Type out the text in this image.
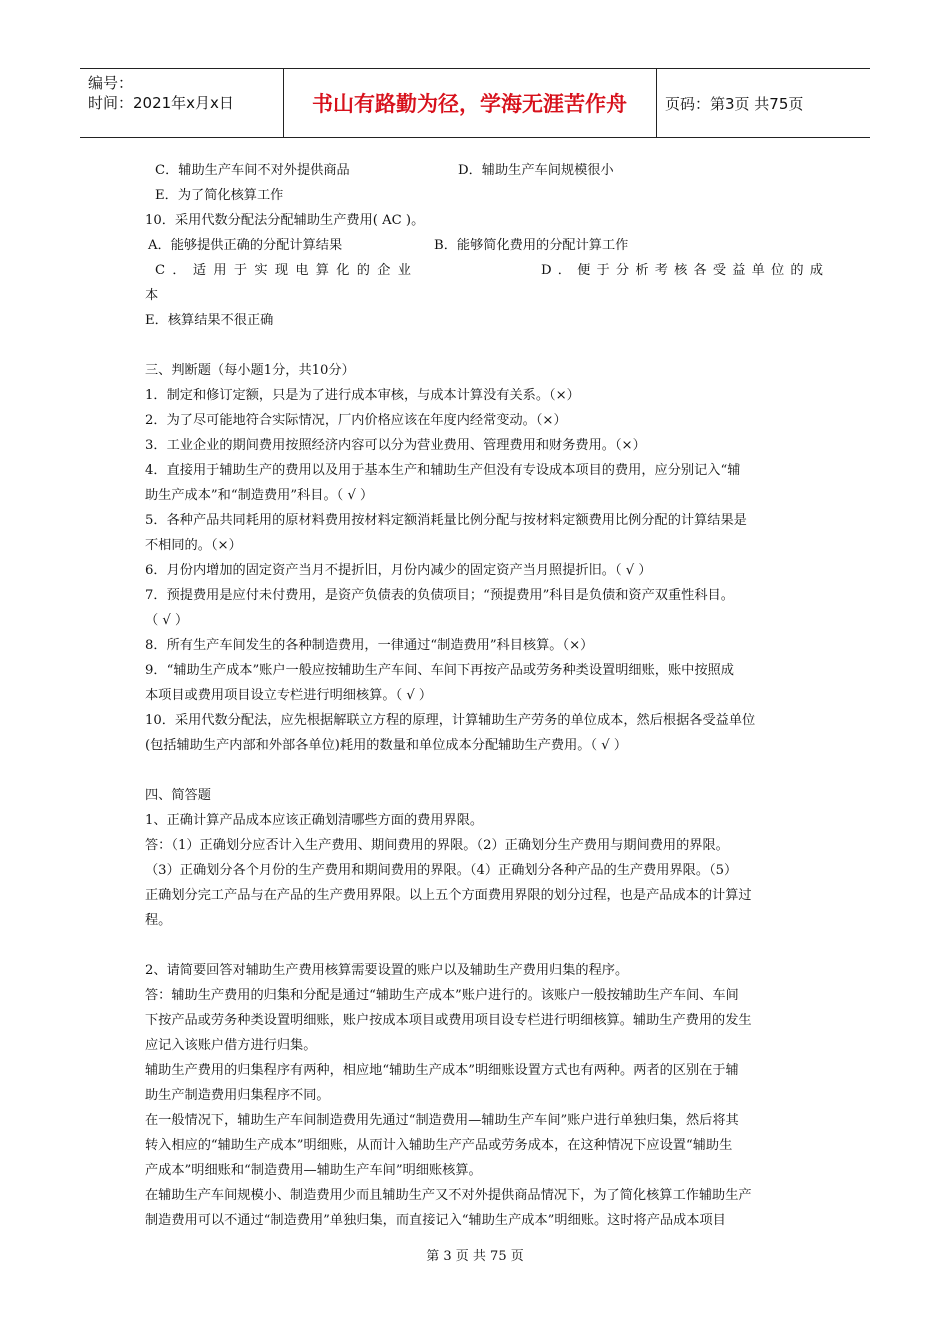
编号：
时间：2021年x月x日	书山有路勤为径，学海无涯苦作舟	页码：第3页 共75页
C．辅助生产车间不对外提供商品	D．辅助生产车间规模很小
E．为了简化核算工作
10．采用代数分配法分配辅助生产费用( AC )。
A．能够提供正确的分配计算结果	B．能够简化费用的分配计算工作
C．适用于实现电算化的企业	D．便于分析考核各受益单位的成
本
E．核算结果不很正确
三、判断题（每小题1分，共10分）
1．制定和修订定额，只是为了进行成本审核，与成本计算没有关系。（×）
2．为了尽可能地符合实际情况，厂内价格应该在年度内经常变动。（×）
3．工业企业的期间费用按照经济内容可以分为营业费用、管理费用和财务费用。（×）
4．直接用于辅助生产的费用以及用于基本生产和辅助生产但没有专设成本项目的费用，应分别记入“辅
助生产成本”和“制造费用”科目。（ √ ）
5．各种产品共同耗用的原材料费用按材料定额消耗量比例分配与按材料定额费用比例分配的计算结果是
不相同的。（×）
6．月份内增加的固定资产当月不提折旧，月份内减少的固定资产当月照提折旧。（ √ ）
7．预提费用是应付未付费用，是资产负债表的负债项目；“预提费用”科目是负债和资产双重性科目。
（ √ ）
8．所有生产车间发生的各种制造费用，一律通过“制造费用”科目核算。（×）
9．“辅助生产成本”账户一般应按辅助生产车间、车间下再按产品或劳务种类设置明细账，账中按照成
本项目或费用项目设立专栏进行明细核算。（ √ ）
10．采用代数分配法，应先根据解联立方程的原理，计算辅助生产劳务的单位成本，然后根据各受益单位
(包括辅助生产内部和外部各单位)耗用的数量和单位成本分配辅助生产费用。（ √ ）
四、简答题
1、正确计算产品成本应该正确划清哪些方面的费用界限。
答：（1）正确划分应否计入生产费用、期间费用的界限。（2）正确划分生产费用与期间费用的界限。
（3）正确划分各个月份的生产费用和期间费用的界限。（4）正确划分各种产品的生产费用界限。（5）
正确划分完工产品与在产品的生产费用界限。以上五个方面费用界限的划分过程，也是产品成本的计算过
程。
2、请简要回答对辅助生产费用核算需要设置的账户以及辅助生产费用归集的程序。
答：辅助生产费用的归集和分配是通过“辅助生产成本”账户进行的。该账户一般按辅助生产车间、车间
下按产品或劳务种类设置明细账，账户按成本项目或费用项目设专栏进行明细核算。辅助生产费用的发生
应记入该账户借方进行归集。
辅助生产费用的归集程序有两种，相应地“辅助生产成本”明细账设置方式也有两种。两者的区别在于辅
助生产制造费用归集程序不同。
在一般情况下，辅助生产车间制造费用先通过“制造费用—辅助生产车间”账户进行单独归集，然后将其
转入相应的“辅助生产成本”明细账，从而计入辅助生产产品或劳务成本，在这种情况下应设置“辅助生
产成本”明细账和“制造费用—辅助生产车间”明细账核算。
在辅助生产车间规模小、制造费用少而且辅助生产又不对外提供商品情况下，为了简化核算工作辅助生产
制造费用可以不通过“制造费用”单独归集，而直接记入“辅助生产成本”明细账。这时将产品成本项目
第 3 页 共 75 页
